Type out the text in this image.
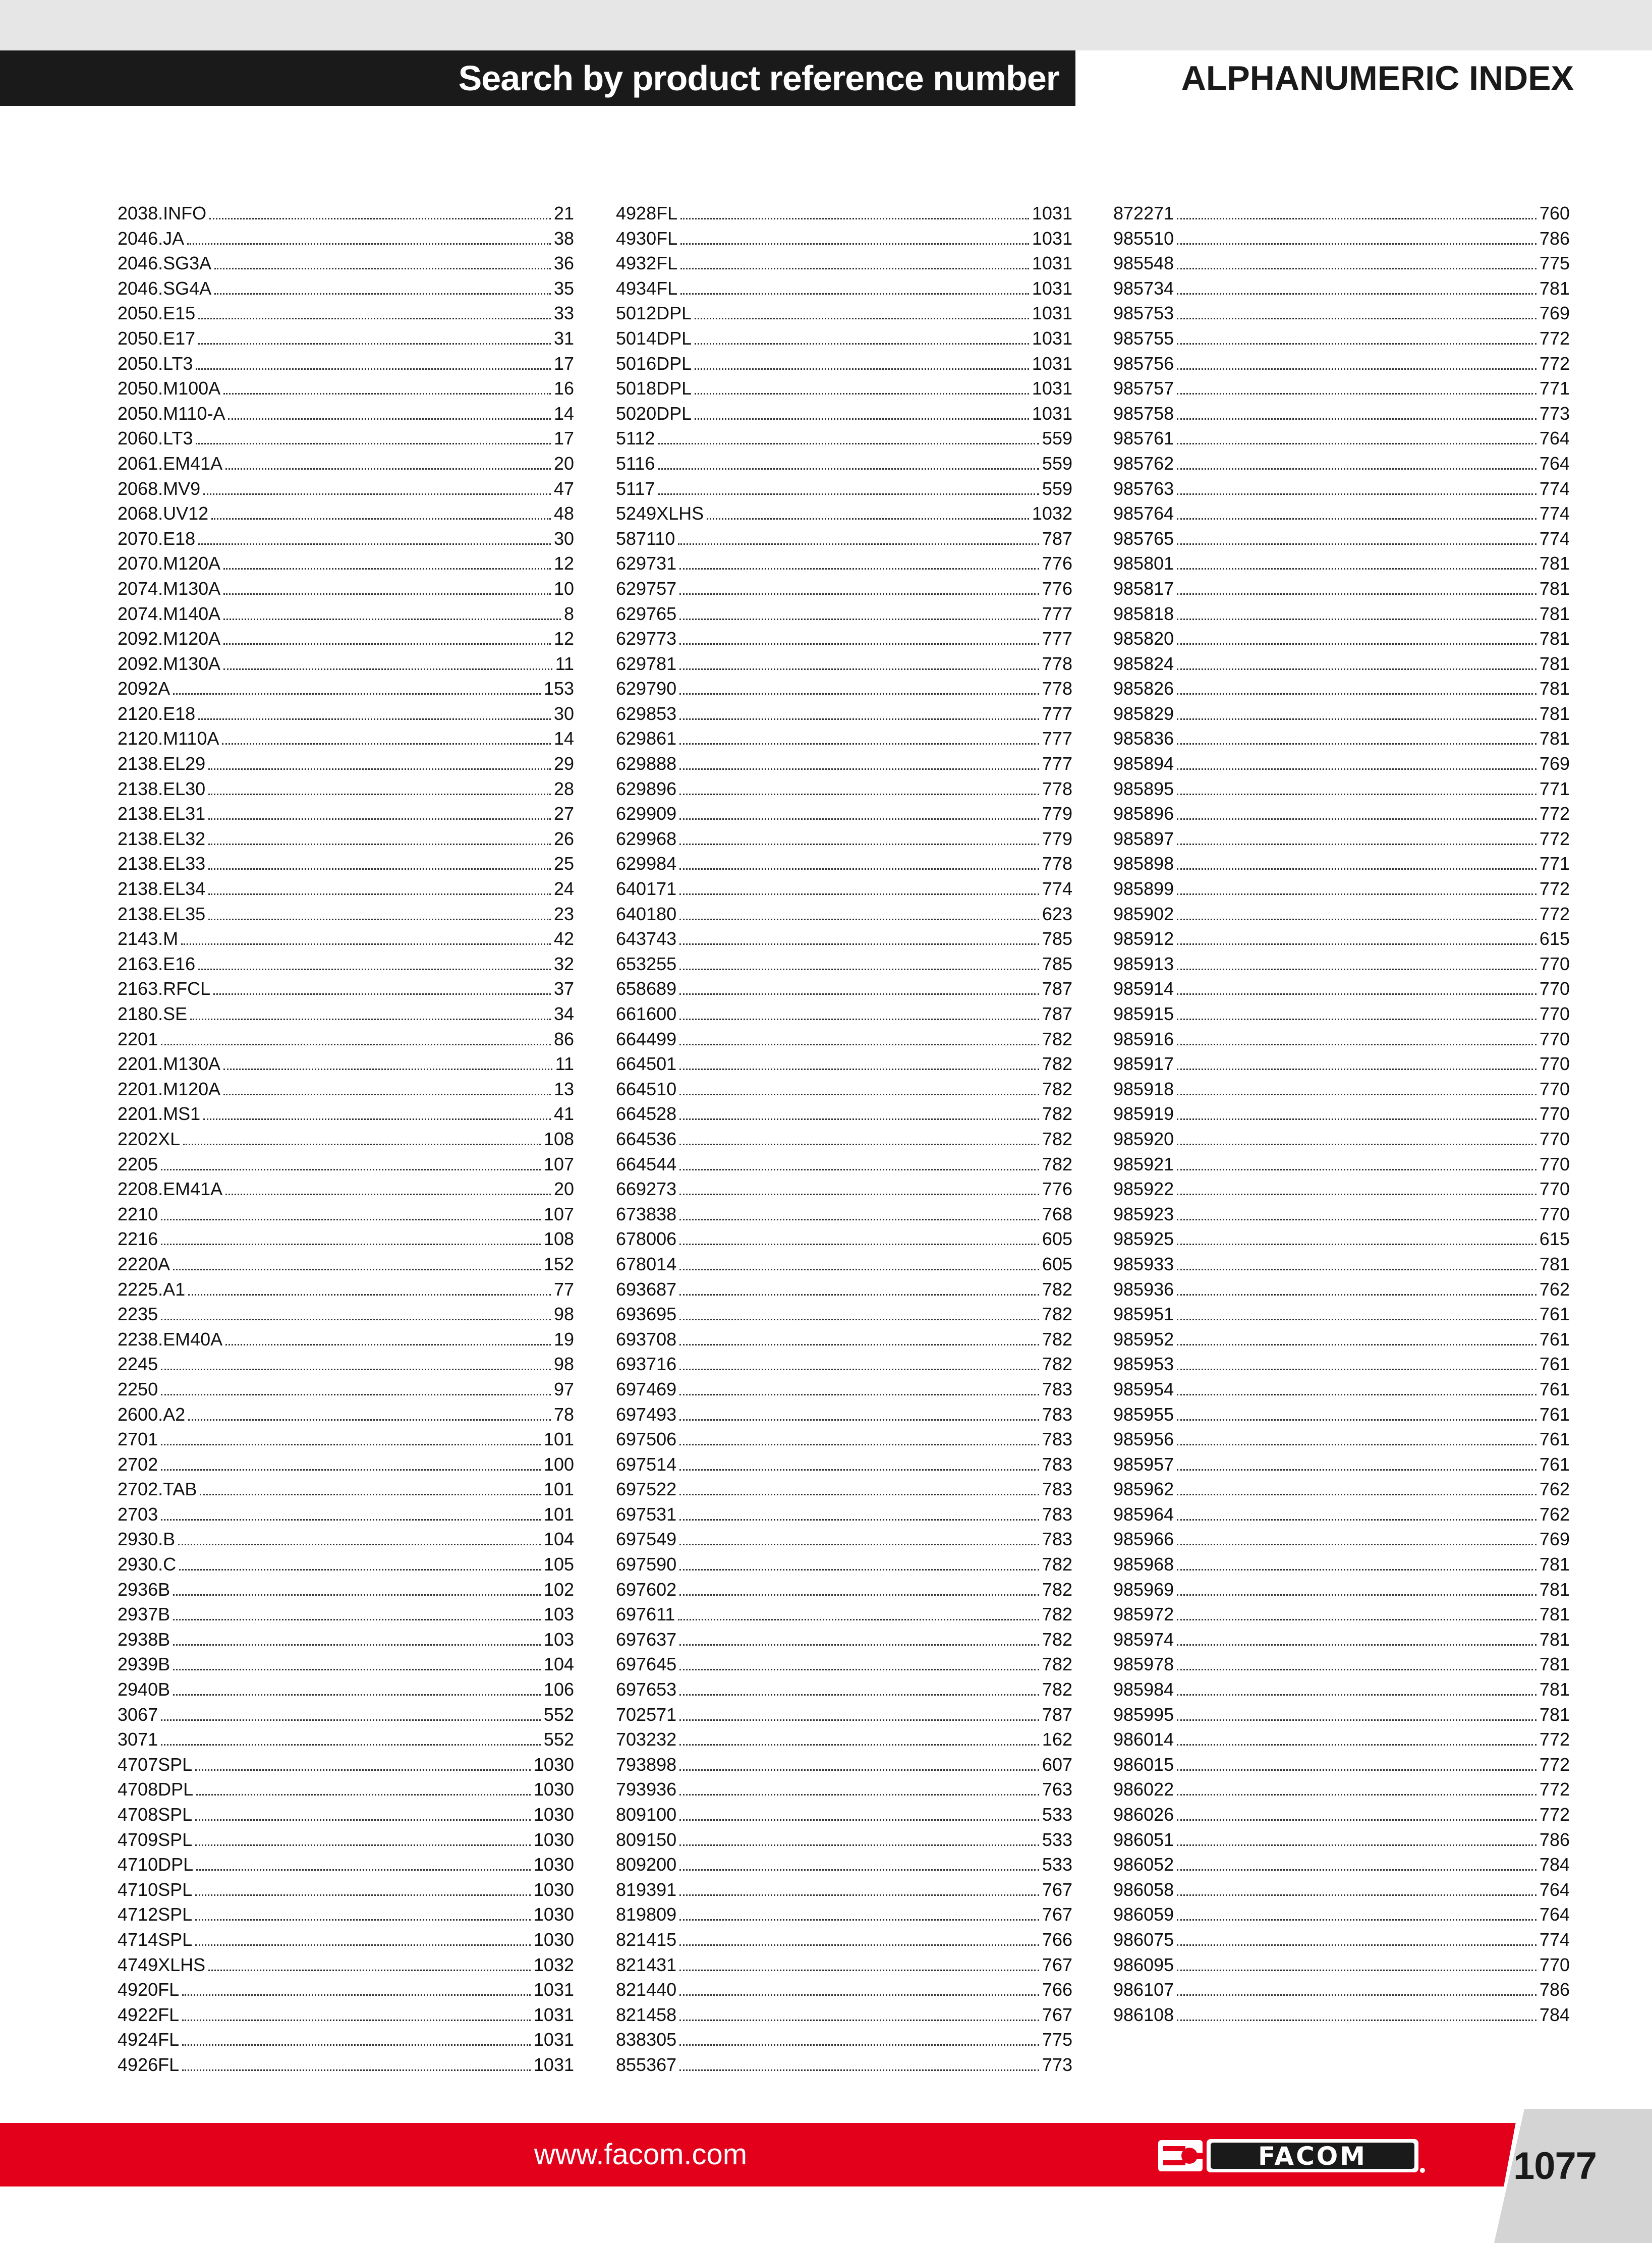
Search by product reference number	ALPHANUMERIC INDEX
2038.INFO	21
2046.JA	38
2046.SG3A	36
2046.SG4A	35
2050.E15	33
2050.E17	31
2050.LT3	17
2050.M100A	16
2050.M110-A	14
2060.LT3	17
2061.EM41A	20
2068.MV9	47
2068.UV12	48
2070.E18	30
2070.M120A	12
2074.M130A	10
2074.M140A	8
2092.M120A	12
2092.M130A	11
2092A	153
2120.E18	30
2120.M110A	14
2138.EL29	29
2138.EL30	28
2138.EL31	27
2138.EL32	26
2138.EL33	25
2138.EL34	24
2138.EL35	23
2143.M	42
2163.E16	32
2163.RFCL	37
2180.SE	34
2201	86
2201.M130A	11
2201.M120A	13
2201.MS1	41
2202XL	108
2205	107
2208.EM41A	20
2210	107
2216	108
2220A	152
2225.A1	77
2235	98
2238.EM40A	19
2245	98
2250	97
2600.A2	78
2701	101
2702	100
2702.TAB	101
2703	101
2930.B	104
2930.C	105
2936B	102
2937B	103
2938B	103
2939B	104
2940B	106
3067	552
3071	552
4707SPL	1030
4708DPL	1030
4708SPL	1030
4709SPL	1030
4710DPL	1030
4710SPL	1030
4712SPL	1030
4714SPL	1030
4749XLHS	1032
4920FL	1031
4922FL	1031
4924FL	1031
4926FL	1031
4928FL	1031
4930FL	1031
4932FL	1031
4934FL	1031
5012DPL	1031
5014DPL	1031
5016DPL	1031
5018DPL	1031
5020DPL	1031
5112	559
5116	559
5117	559
5249XLHS	1032
587110	787
629731	776
629757	776
629765	777
629773	777
629781	778
629790	778
629853	777
629861	777
629888	777
629896	778
629909	779
629968	779
629984	778
640171	774
640180	623
643743	785
653255	785
658689	787
661600	787
664499	782
664501	782
664510	782
664528	782
664536	782
664544	782
669273	776
673838	768
678006	605
678014	605
693687	782
693695	782
693708	782
693716	782
697469	783
697493	783
697506	783
697514	783
697522	783
697531	783
697549	783
697590	782
697602	782
697611	782
697637	782
697645	782
697653	782
702571	787
703232	162
793898	607
793936	763
809100	533
809150	533
809200	533
819391	767
819809	767
821415	766
821431	767
821440	766
821458	767
838305	775
855367	773
872271	760
985510	786
985548	775
985734	781
985753	769
985755	772
985756	772
985757	771
985758	773
985761	764
985762	764
985763	774
985764	774
985765	774
985801	781
985817	781
985818	781
985820	781
985824	781
985826	781
985829	781
985836	781
985894	769
985895	771
985896	772
985897	772
985898	771
985899	772
985902	772
985912	615
985913	770
985914	770
985915	770
985916	770
985917	770
985918	770
985919	770
985920	770
985921	770
985922	770
985923	770
985925	615
985933	781
985936	762
985951	761
985952	761
985953	761
985954	761
985955	761
985956	761
985957	761
985962	762
985964	762
985966	769
985968	781
985969	781
985972	781
985974	781
985978	781
985984	781
985995	781
986014	772
986015	772
986022	772
986026	772
986051	786
986052	784
986058	764
986059	764
986075	774
986095	770
986107	786
986108	784
www.facom.com	FACOM	1077
